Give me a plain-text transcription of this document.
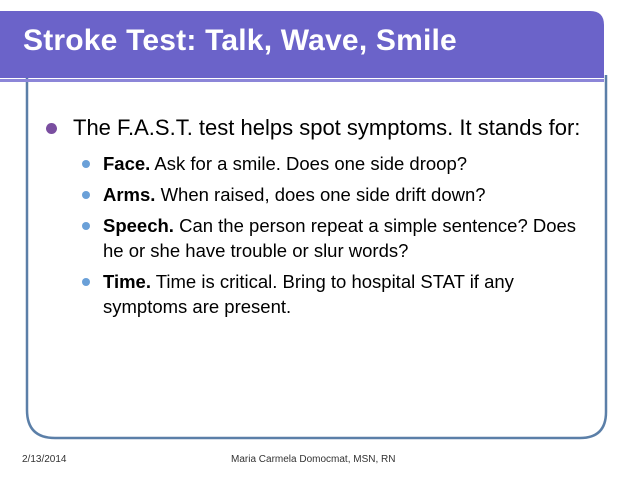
Stroke Test: Talk, Wave, Smile
The F.A.S.T. test helps spot symptoms. It stands for:
Face. Ask for a smile. Does one side droop?
Arms. When raised, does one side drift down?
Speech. Can the person repeat a simple sentence? Does he or she have trouble or slur words?
Time. Time is critical. Bring to hospital STAT if any symptoms are present.
2/13/2014	Maria Carmela Domocmat, MSN, RN
